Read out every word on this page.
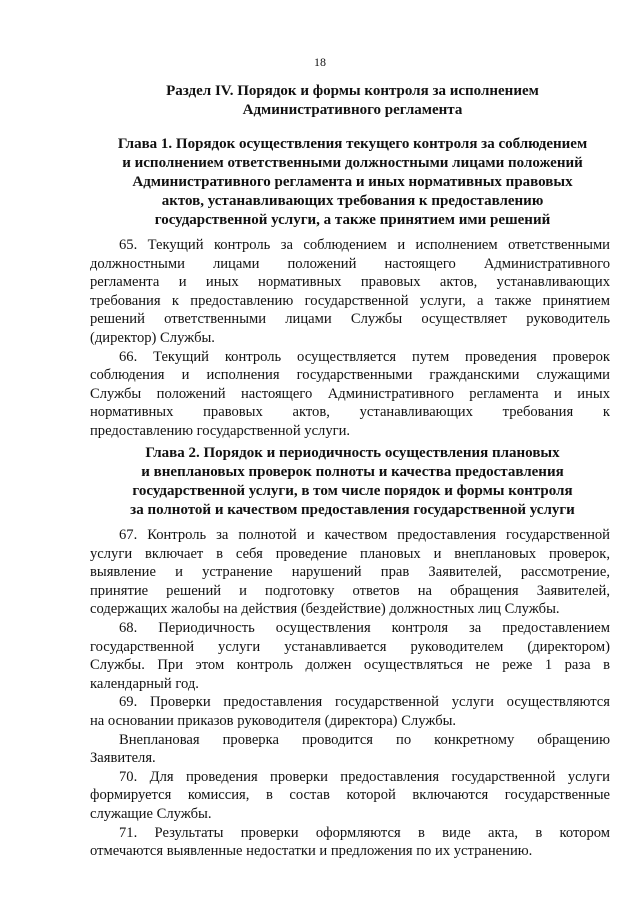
18
Раздел IV. Порядок и формы контроля за исполнением
Административного регламента
Глава 1. Порядок осуществления текущего контроля за соблюдением
и исполнением ответственными должностными лицами положений
Административного регламента и иных нормативных правовых
актов, устанавливающих требования к предоставлению
государственной услуги, а также принятием ими решений
65. Текущий контроль за соблюдением и исполнением ответственными
должностными лицами положений настоящего Административного
регламента и иных нормативных правовых актов, устанавливающих
требования к предоставлению государственной услуги, а также принятием
решений ответственными лицами Службы осуществляет руководитель
(директор) Службы.
66. Текущий контроль осуществляется путем проведения проверок
соблюдения и исполнения государственными гражданскими служащими
Службы положений настоящего Административного регламента и иных
нормативных правовых актов, устанавливающих требования к
предоставлению государственной услуги.
Глава 2. Порядок и периодичность осуществления плановых
и внеплановых проверок полноты и качества предоставления
государственной услуги, в том числе порядок и формы контроля
за полнотой и качеством предоставления государственной услуги
67. Контроль за полнотой и качеством предоставления государственной
услуги включает в себя проведение плановых и внеплановых проверок,
выявление и устранение нарушений прав Заявителей, рассмотрение,
принятие решений и подготовку ответов на обращения Заявителей,
содержащих жалобы на действия (бездействие) должностных лиц Службы.
68. Периодичность осуществления контроля за предоставлением
государственной услуги устанавливается руководителем (директором)
Службы. При этом контроль должен осуществляться не реже 1 раза в
календарный год.
69. Проверки предоставления государственной услуги осуществляются
на основании приказов руководителя (директора) Службы.
Внеплановая проверка проводится по конкретному обращению
Заявителя.
70. Для проведения проверки предоставления государственной услуги
формируется комиссия, в состав которой включаются государственные
служащие Службы.
71. Результаты проверки оформляются в виде акта, в котором
отмечаются выявленные недостатки и предложения по их устранению.
